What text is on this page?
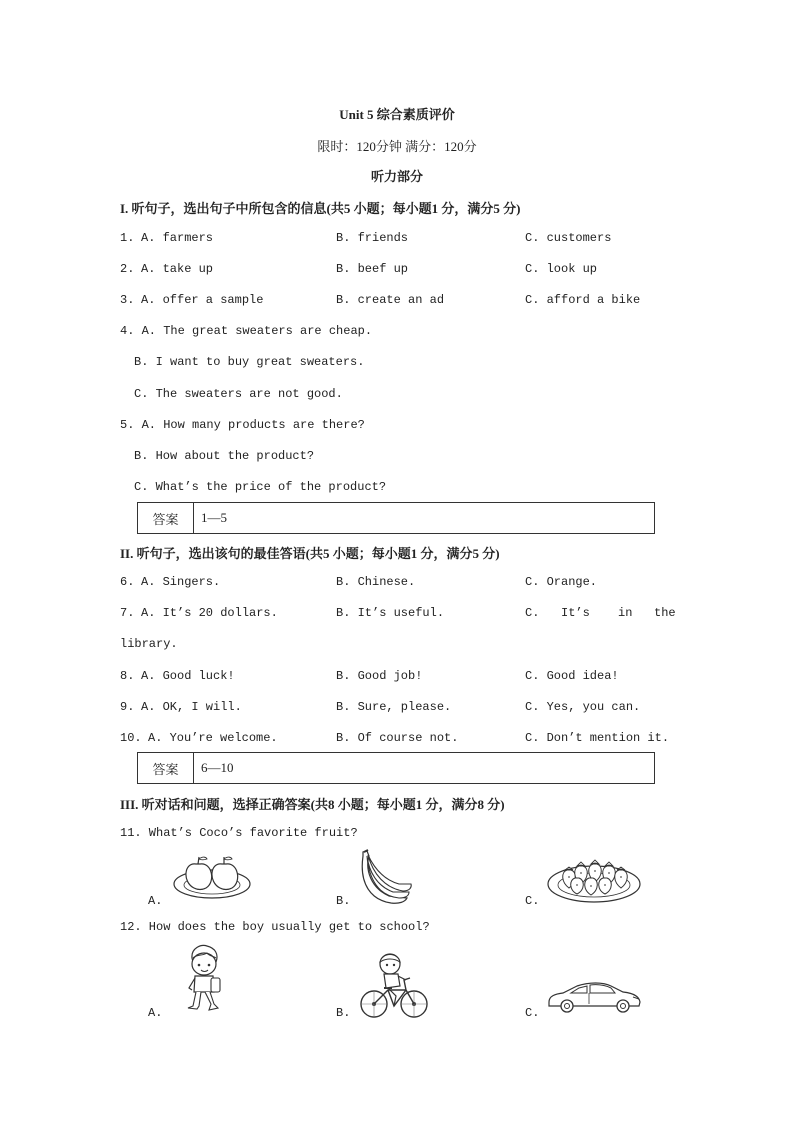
Unit 5 综合素质评价
限时：120分钟 满分：120分
听力部分
I. 听句子，选出句子中所包含的信息(共5 小题；每小题1 分，满分5 分)
1. A. farmers	B. friends	C. customers
2. A. take up	B. beef up	C. look up
3. A. offer a sample	B. create an ad	C. afford a bike
4. A. The great sweaters are cheap.
B. I want to buy great sweaters.
C. The sweaters are not good.
5. A. How many products are there?
B. How about the product?
C. What’s the price of the product?
答案	1—5
II. 听句子，选出该句的最佳答语(共5 小题；每小题1 分，满分5 分)
6. A. Singers.	B. Chinese.	C. Orange.
7. A. It’s 20 dollars.	B. It’s useful.	C. It’s in the
library.
8. A. Good luck!	B. Good job!	C. Good idea!
9. A. OK, I will.	B. Sure, please.	C. Yes, you can.
10. A. You’re welcome.	B. Of course not.	C. Don’t mention it.
答案	6—10
III. 听对话和问题，选择正确答案(共8 小题；每小题1 分，满分8 分)
11. What’s Coco’s favorite fruit?
A.	B.	C.
12. How does the boy usually get to school?
A.	B.	C.
